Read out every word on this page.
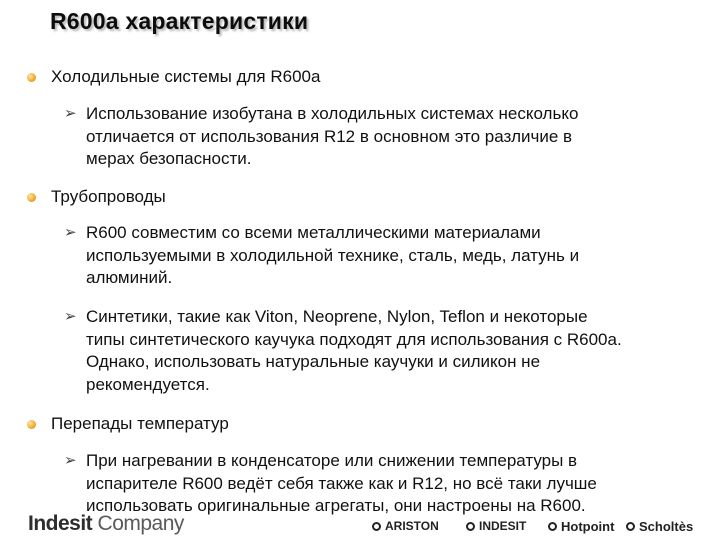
R600a характеристики
Холодильные системы для R600a
➢ Использование изобутана в холодильных системах несколько
отличается от использования R12 в основном это различие в
мерах безопасности.
Трубопроводы
➢ R600 совместим со всеми металлическими материалами
используемыми в холодильной технике, сталь, медь, латунь и
алюминий.
➢ Синтетики, такие как Viton, Neoprene, Nylon, Teflon и некоторые
типы синтетического каучука подходят для использования с R600a.
Однако, использовать натуральные каучуки и силикон не
рекомендуется.
Перепады температур
➢ При нагревании в конденсаторе или снижении температуры в
испарителе R600 ведёт себя также как и R12, но всё таки лучше
использовать оригинальные агрегаты, они настроены на R600.
Indesit Company	ARISTON	INDESIT	Hotpoint Scholtès
